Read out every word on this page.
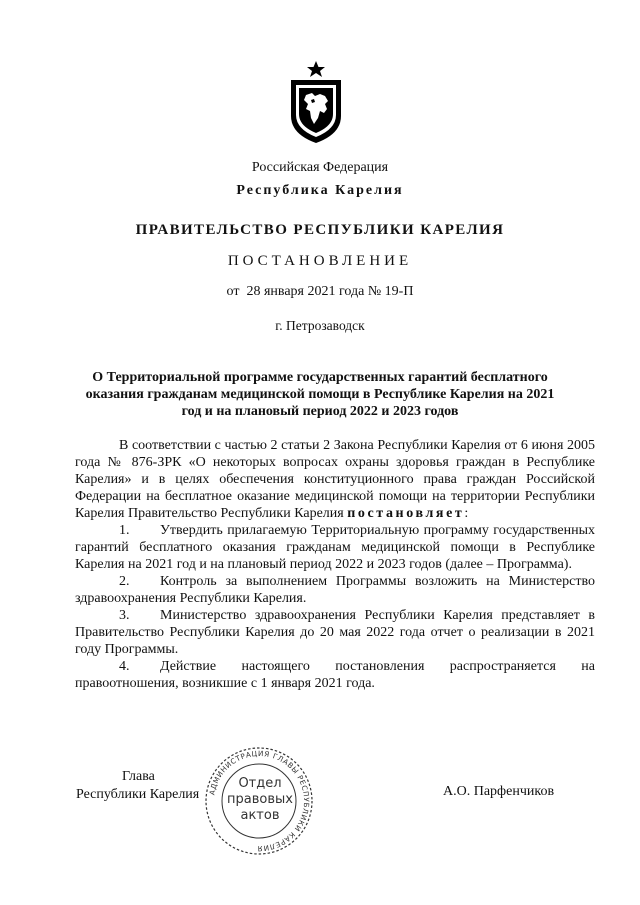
Российская Федерация
Республика Карелия
ПРАВИТЕЛЬСТВО РЕСПУБЛИКИ КАРЕЛИЯ
ПОСТАНОВЛЕНИЕ
от  28 января 2021 года № 19-П
г. Петрозаводск
О Территориальной программе государственных гарантий бесплатного оказания гражданам медицинской помощи в Республике Карелия на 2021 год и на плановый период 2022 и 2023 годов

В соответствии с частью 2 статьи 2 Закона Республики Карелия от 6 июня 2005 года № 876-ЗРК «О некоторых вопросах охраны здоровья граждан в Республике Карелия» и в целях обеспечения конституционного права граждан Российской Федерации на бесплатное оказание медицинской помощи на территории Республики Карелия Правительство Республики Карелия постановляет:

1. Утвердить прилагаемую Территориальную программу государственных гарантий бесплатного оказания гражданам медицинской помощи в Республике Карелия на 2021 год и на плановый период 2022 и 2023 годов (далее – Программа).

2. Контроль за выполнением Программы возложить на Министерство здравоохранения Республики Карелия.

3. Министерство здравоохранения Республики Карелия представляет в Правительство Республики Карелия до 20 мая 2022 года отчет о реализации в 2021 году Программы.

4. Действие настоящего постановления распространяется на правоотношения, возникшие с 1 января 2021 года.

Глава
Республики Карелия	А.О. Парфенчиков
АДМИНИСТРАЦИЯ ГЛАВЫ РЕСПУБЛИКИ КАРЕЛИЯ
Отдел
правовых
актов
